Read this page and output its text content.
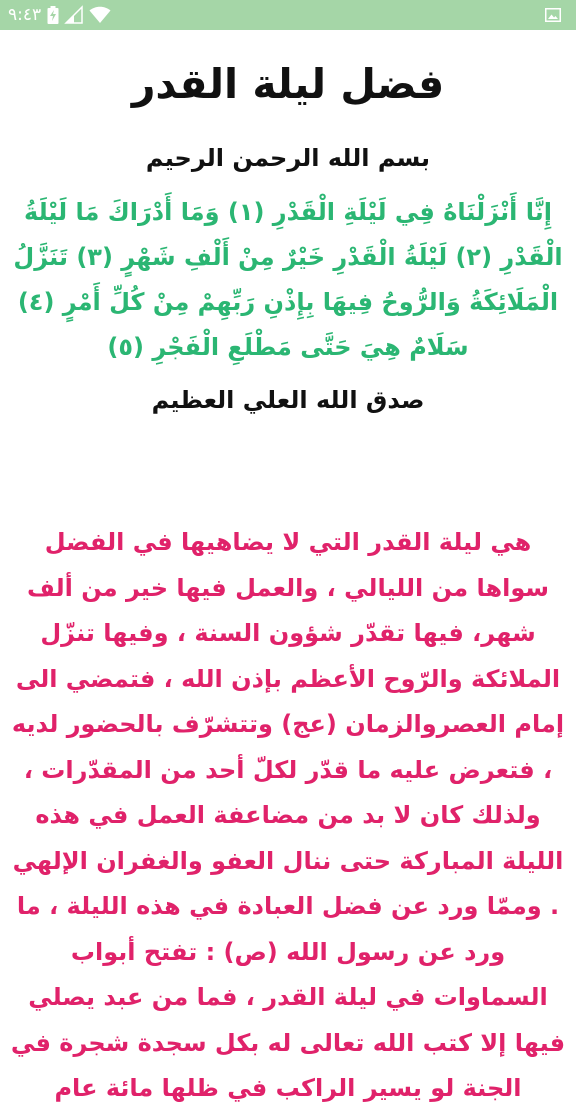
٩:٤٣
فضل ليلة القدر
بسم الله الرحمن الرحيم
إِنَّا أَنْزَلْنَاهُ فِي لَيْلَةِ الْقَدْرِ (١) وَمَا أَدْرَاكَ مَا لَيْلَةُ الْقَدْرِ (٢) لَيْلَةُ الْقَدْرِ خَيْرٌ مِنْ أَلْفِ شَهْرٍ (٣) تَنَزَّلُ الْمَلَائِكَةُ وَالرُّوحُ فِيهَا بِإِذْنِ رَبِّهِمْ مِنْ كُلِّ أَمْرٍ (٤) سَلَامٌ هِيَ حَتَّى مَطْلَعِ الْفَجْرِ (٥)
صدق الله العلي العظيم
هي ليلة القدر التي لا يضاهيها في الفضل سواها من الليالي ، والعمل فيها خير من ألف شهر، فيها تقدّر شؤون السنة ، وفيها تنزّل الملائكة والرّوح الأعظم بإذن الله ، فتمضي الى إمام العصروالزمان (عج) وتتشرّف بالحضور لديه ، فتعرض عليه ما قدّر لكلّ أحد من المقدّرات ، ولذلك كان لا بد من مضاعفة العمل في هذه الليلة المباركة حتى ننال العفو والغفران الإلهي . وممّا ورد عن فضل العبادة في هذه الليلة ، ما ورد عن رسول الله (ص) : تفتح أبواب السماوات في ليلة القدر ، فما من عبد يصلي فيها إلا كتب الله تعالى له بكل سجدة شجرة في الجنة لو يسير الراكب في ظلها مائة عام
